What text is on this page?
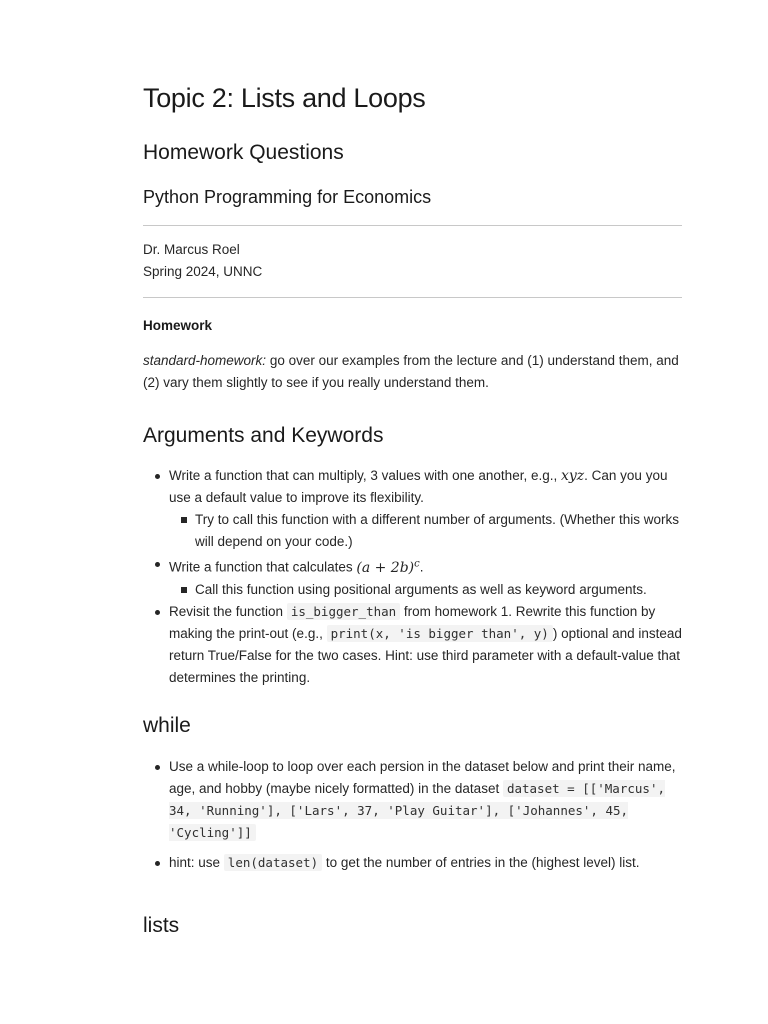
Topic 2: Lists and Loops
Homework Questions
Python Programming for Economics
Dr. Marcus Roel
Spring 2024, UNNC
Homework

standard-homework: go over our examples from the lecture and (1) understand them, and (2) vary them slightly to see if you really understand them.

Arguments and Keywords
Write a function that can multiply, 3 values with one another, e.g., xyz. Can you you use a default value to improve its flexibility.
Try to call this function with a different number of arguments. (Whether this works will depend on your code.)
Write a function that calculates $(a + 2b)^c$.
Call this function using positional arguments as well as keyword arguments.
Revisit the function is_bigger_than from homework 1. Rewrite this function by making the print-out (e.g., print(x, 'is bigger than', y) ) optional and instead return True/False for the two cases. Hint: use third parameter with a default-value that determines the printing.
while
Use a while-loop to loop over each persion in the dataset below and print their name, age, and hobby (maybe nicely formatted) in the dataset dataset = [['Marcus', 34, 'Running'], ['Lars', 37, 'Play Guitar'], ['Johannes', 45, 'Cycling']]
hint: use len(dataset) to get the number of entries in the (highest level) list.
lists
